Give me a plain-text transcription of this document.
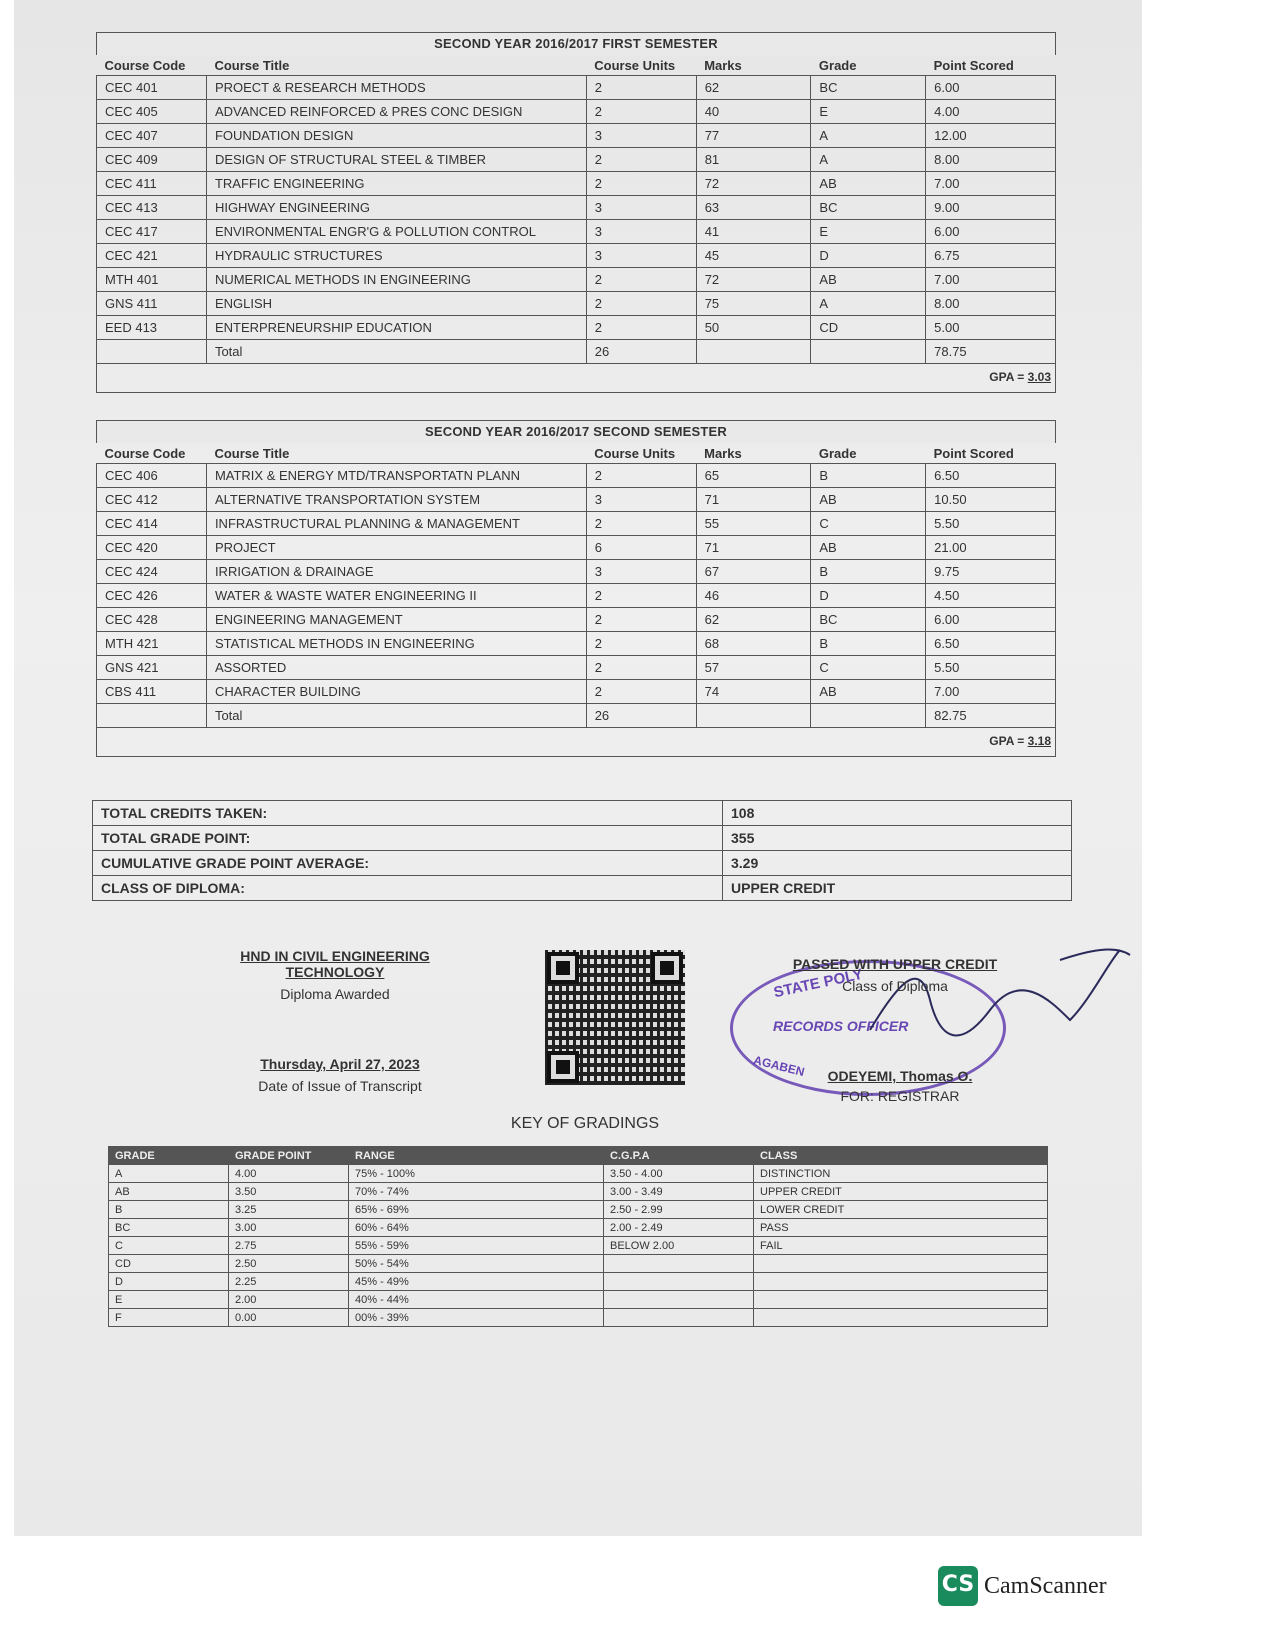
SECOND YEAR 2016/2017 FIRST SEMESTER
Course Code	Course Title	Course Units	Marks	Grade	Point Scored
CEC 401	PROECT & RESEARCH METHODS	2	62	BC	6.00
CEC 405	ADVANCED REINFORCED & PRES CONC DESIGN	2	40	E	4.00
CEC 407	FOUNDATION DESIGN	3	77	A	12.00
CEC 409	DESIGN OF STRUCTURAL STEEL & TIMBER	2	81	A	8.00
CEC 411	TRAFFIC ENGINEERING	2	72	AB	7.00
CEC 413	HIGHWAY ENGINEERING	3	63	BC	9.00
CEC 417	ENVIRONMENTAL ENGR'G & POLLUTION CONTROL	3	41	E	6.00
CEC 421	HYDRAULIC STRUCTURES	3	45	D	6.75
MTH 401	NUMERICAL METHODS IN ENGINEERING	2	72	AB	7.00
GNS 411	ENGLISH	2	75	A	8.00
EED 413	ENTERPRENEURSHIP EDUCATION	2	50	CD	5.00
	Total	26			78.75
GPA = 3.03
SECOND YEAR 2016/2017 SECOND SEMESTER
Course Code	Course Title	Course Units	Marks	Grade	Point Scored
CEC 406	MATRIX & ENERGY MTD/TRANSPORTATN PLANN	2	65	B	6.50
CEC 412	ALTERNATIVE TRANSPORTATION SYSTEM	3	71	AB	10.50
CEC 414	INFRASTRUCTURAL PLANNING & MANAGEMENT	2	55	C	5.50
CEC 420	PROJECT	6	71	AB	21.00
CEC 424	IRRIGATION & DRAINAGE	3	67	B	9.75
CEC 426	WATER & WASTE WATER ENGINEERING II	2	46	D	4.50
CEC 428	ENGINEERING MANAGEMENT	2	62	BC	6.00
MTH 421	STATISTICAL METHODS IN ENGINEERING	2	68	B	6.50
GNS 421	ASSORTED	2	57	C	5.50
CBS 411	CHARACTER BUILDING	2	74	AB	7.00
	Total	26			82.75
GPA = 3.18
TOTAL CREDITS TAKEN:	108
TOTAL GRADE POINT:	355
CUMULATIVE GRADE POINT AVERAGE:	3.29
CLASS OF DIPLOMA:	UPPER CREDIT
HND IN CIVIL ENGINEERING TECHNOLOGY
Diploma Awarded
Thursday, April 27, 2023
Date of Issue of Transcript
STATE POLY
RECORDS OFFICER
AGABEN
PASSED WITH UPPER CREDIT
Class of Diploma
ODEYEMI, Thomas O.
FOR: REGISTRAR
KEY OF GRADINGS
GRADE	GRADE POINT	RANGE	C.G.P.A	CLASS
A	4.00	75% - 100%	3.50 - 4.00	DISTINCTION
AB	3.50	70% - 74%	3.00 - 3.49	UPPER CREDIT
B	3.25	65% - 69%	2.50 - 2.99	LOWER CREDIT
BC	3.00	60% - 64%	2.00 - 2.49	PASS
C	2.75	55% - 59%	BELOW 2.00	FAIL
CD	2.50	50% - 54%		
D	2.25	45% - 49%		
E	2.00	40% - 44%		
F	0.00	00% - 39%		
CS CamScanner
